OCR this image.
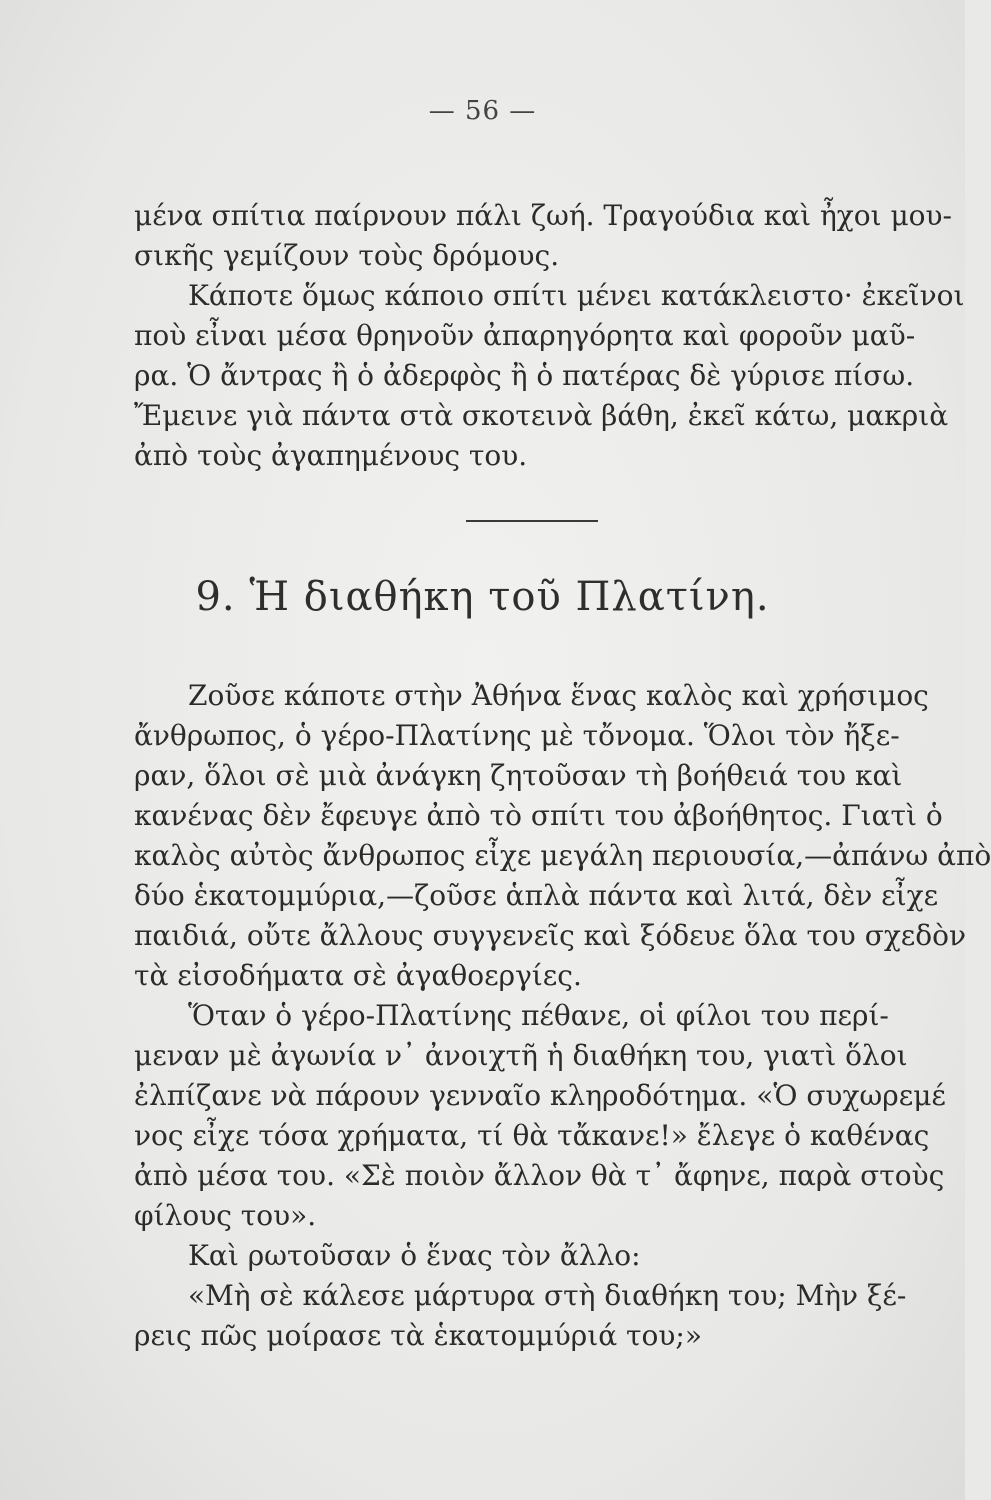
— 56 —
μένα σπίτια παίρνουν πάλι ζωή. Τραγούδια καὶ ἦχοι μου-
σικῆς γεμίζουν τοὺς δρόμους.
Κάποτε ὅμως κάποιο σπίτι μένει κατάκλειστο· ἐκεῖνοι
ποὺ εἶναι μέσα θρηνοῦν ἀπαρηγόρητα καὶ φοροῦν μαῦ-
ρα. Ὁ ἄντρας ἢ ὁ ἀδερφὸς ἢ ὁ πατέρας δὲ γύρισε πίσω.
Ἔμεινε γιὰ πάντα στὰ σκοτεινὰ βάθη, ἐκεῖ κάτω, μακριὰ
ἀπὸ τοὺς ἀγαπημένους του.
9. Ἡ διαθήκη τοῦ Πλατίνη.
Ζοῦσε κάποτε στὴν Ἀθήνα ἕνας καλὸς καὶ χρήσιμος
ἄνθρωπος, ὁ γέρο-Πλατίνης μὲ τὄνομα. Ὅλοι τὸν ἤξε-
ραν, ὅλοι σὲ μιὰ ἀνάγκη ζητοῦσαν τὴ βοήθειά του καὶ
κανένας δὲν ἔφευγε ἀπὸ τὸ σπίτι του ἀβοήθητος. Γιατὶ ὁ
καλὸς αὐτὸς ἄνθρωπος εἶχε μεγάλη περιουσία,—ἀπάνω ἀπὸ
δύο ἑκατομμύρια,—ζοῦσε ἁπλὰ πάντα καὶ λιτά, δὲν εἶχε
παιδιά, οὔτε ἄλλους συγγενεῖς καὶ ξόδευε ὅλα του σχεδὸν
τὰ εἰσοδήματα σὲ ἀγαθοεργίες.
Ὅταν ὁ γέρο-Πλατίνης πέθανε, οἱ φίλοι του περί-
μεναν μὲ ἀγωνία ν᾿ ἀνοιχτῆ ἡ διαθήκη του, γιατὶ ὅλοι
ἐλπίζανε νὰ πάρουν γενναῖο κληροδότημα. «Ὁ συχωρεμέ
νος εἶχε τόσα χρήματα, τί θὰ τἄκανε!» ἔλεγε ὁ καθένας
ἀπὸ μέσα του. «Σὲ ποιὸν ἄλλον θὰ τ᾿ ἄφηνε, παρὰ στοὺς
φίλους του».
Καὶ ρωτοῦσαν ὁ ἕνας τὸν ἄλλο:
«Μὴ σὲ κάλεσε μάρτυρα στὴ διαθήκη του; Μὴν ξέ-
ρεις πῶς μοίρασε τὰ ἑκατομμύριά του;»
